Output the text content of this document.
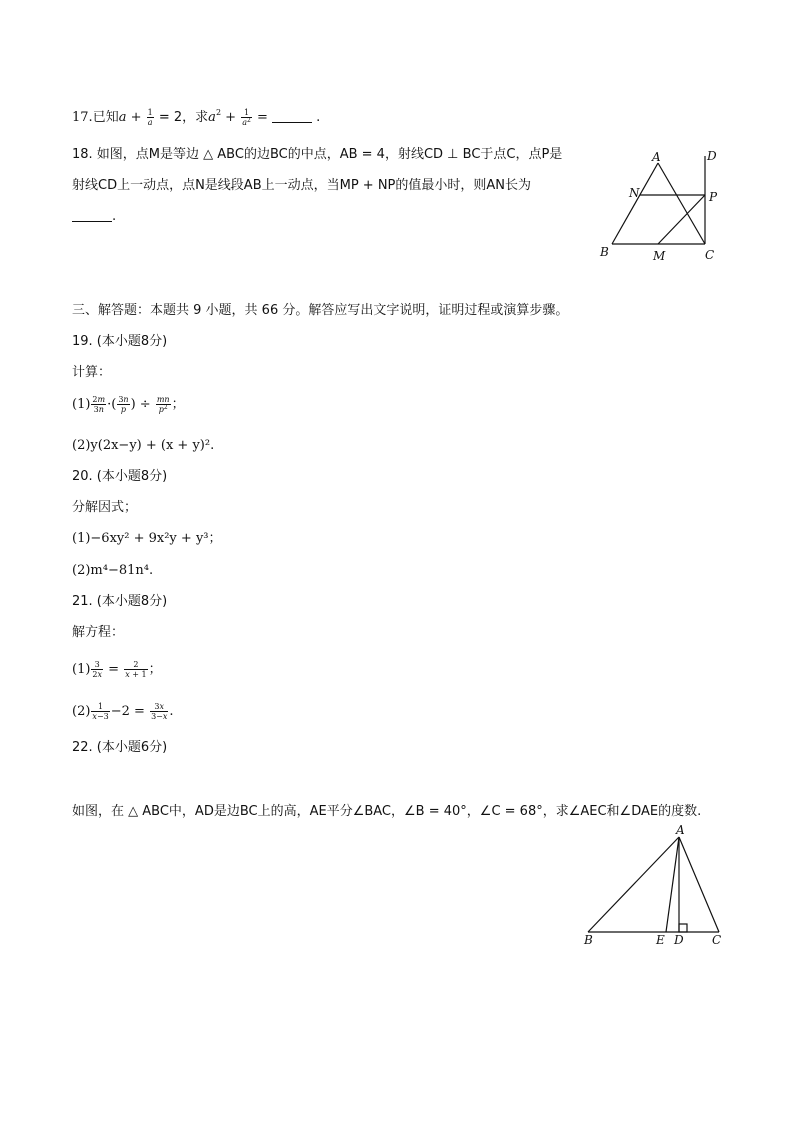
17.已知$a + \frac{1}{a} = 2$，求$a^2 + \frac{1}{a^2}$ =	.
18. 如图，点M是等边 △ ABC的边BC的中点，AB = 4，射线CD ⊥ BC于点C，点P是
射线CD上一动点，点N是线段AB上一动点，当MP + NP的值最小时，则AN长为
.
A	D
N	P
B	M	C
三、解答题：本题共 9 小题，共 66 分。解答应写出文字说明，证明过程或演算步骤。
19. (本小题8分)
计算：
$(1) \frac{2m}{3n}$ ·( $\frac{3n}{p}$ ) ÷ $\frac{mn}{p^2}$ ；
(2)y(2x−y) + (x + y)².
20. (本小题8分)
分解因式；
(1)−6xy² + 9x²y + y³；
(2)m⁴−81n⁴.
21. (本小题8分)
解方程：
$(1) \frac{3}{2x} = \frac{2}{x + 1}$ ；
$(2) \frac{1}{x-3} -2 = \frac{3x}{3-x}$ .
22. (本小题6分)
如图，在 △ ABC中，AD是边BC上的高，AE平分∠BAC，∠B = 40°，∠C = 68°，求∠AEC和∠DAE的度数.
A
B	E D C
